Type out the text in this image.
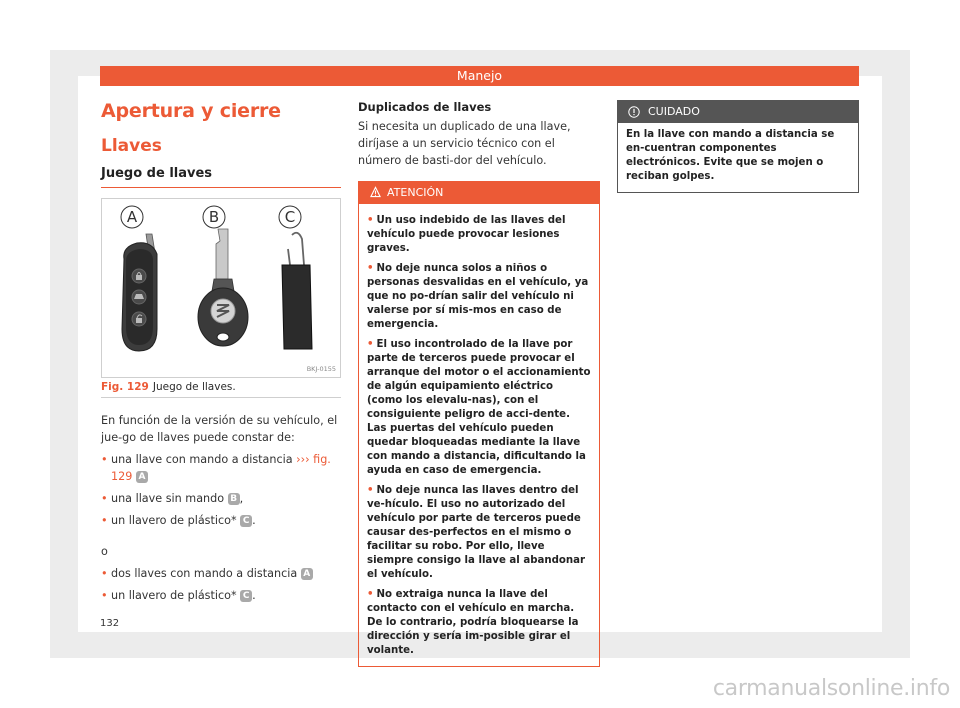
Manejo
Apertura y cierre
Llaves
Juego de llaves
A	B	C
BKJ-0155
Fig. 129 Juego de llaves.
En función de la versión de su vehículo, el jue-go de llaves puede constar de:
• una llave con mando a distancia ››› fig. 129 A
• una llave sin mando B ,
• un llavero de plástico* C .
o
• dos llaves con mando a distancia A
• un llavero de plástico* C .
Duplicados de llaves
Si necesita un duplicado de una llave, diríjase a un servicio técnico con el número de basti-dor del vehículo.
ATENCIÓN
• Un uso indebido de las llaves del vehículo puede provocar lesiones graves.
• No deje nunca solos a niños o personas desvalidas en el vehículo, ya que no po-drían salir del vehículo ni valerse por sí mis-mos en caso de emergencia.
• El uso incontrolado de la llave por parte de terceros puede provocar el arranque del motor o el accionamiento de algún equipamiento eléctrico (como los elevalu-nas), con el consiguiente peligro de acci-dente. Las puertas del vehículo pueden quedar bloqueadas mediante la llave con mando a distancia, dificultando la ayuda en caso de emergencia.
• No deje nunca las llaves dentro del ve-hículo. El uso no autorizado del vehículo por parte de terceros puede causar des-perfectos en el mismo o facilitar su robo. Por ello, lleve siempre consigo la llave al abandonar el vehículo.
• No extraiga nunca la llave del contacto con el vehículo en marcha. De lo contrario, podría bloquearse la dirección y sería im-posible girar el volante.
CUIDADO
En la llave con mando a distancia se en-cuentran componentes electrónicos. Evite que se mojen o reciban golpes.
132
carmanualsonline.info
